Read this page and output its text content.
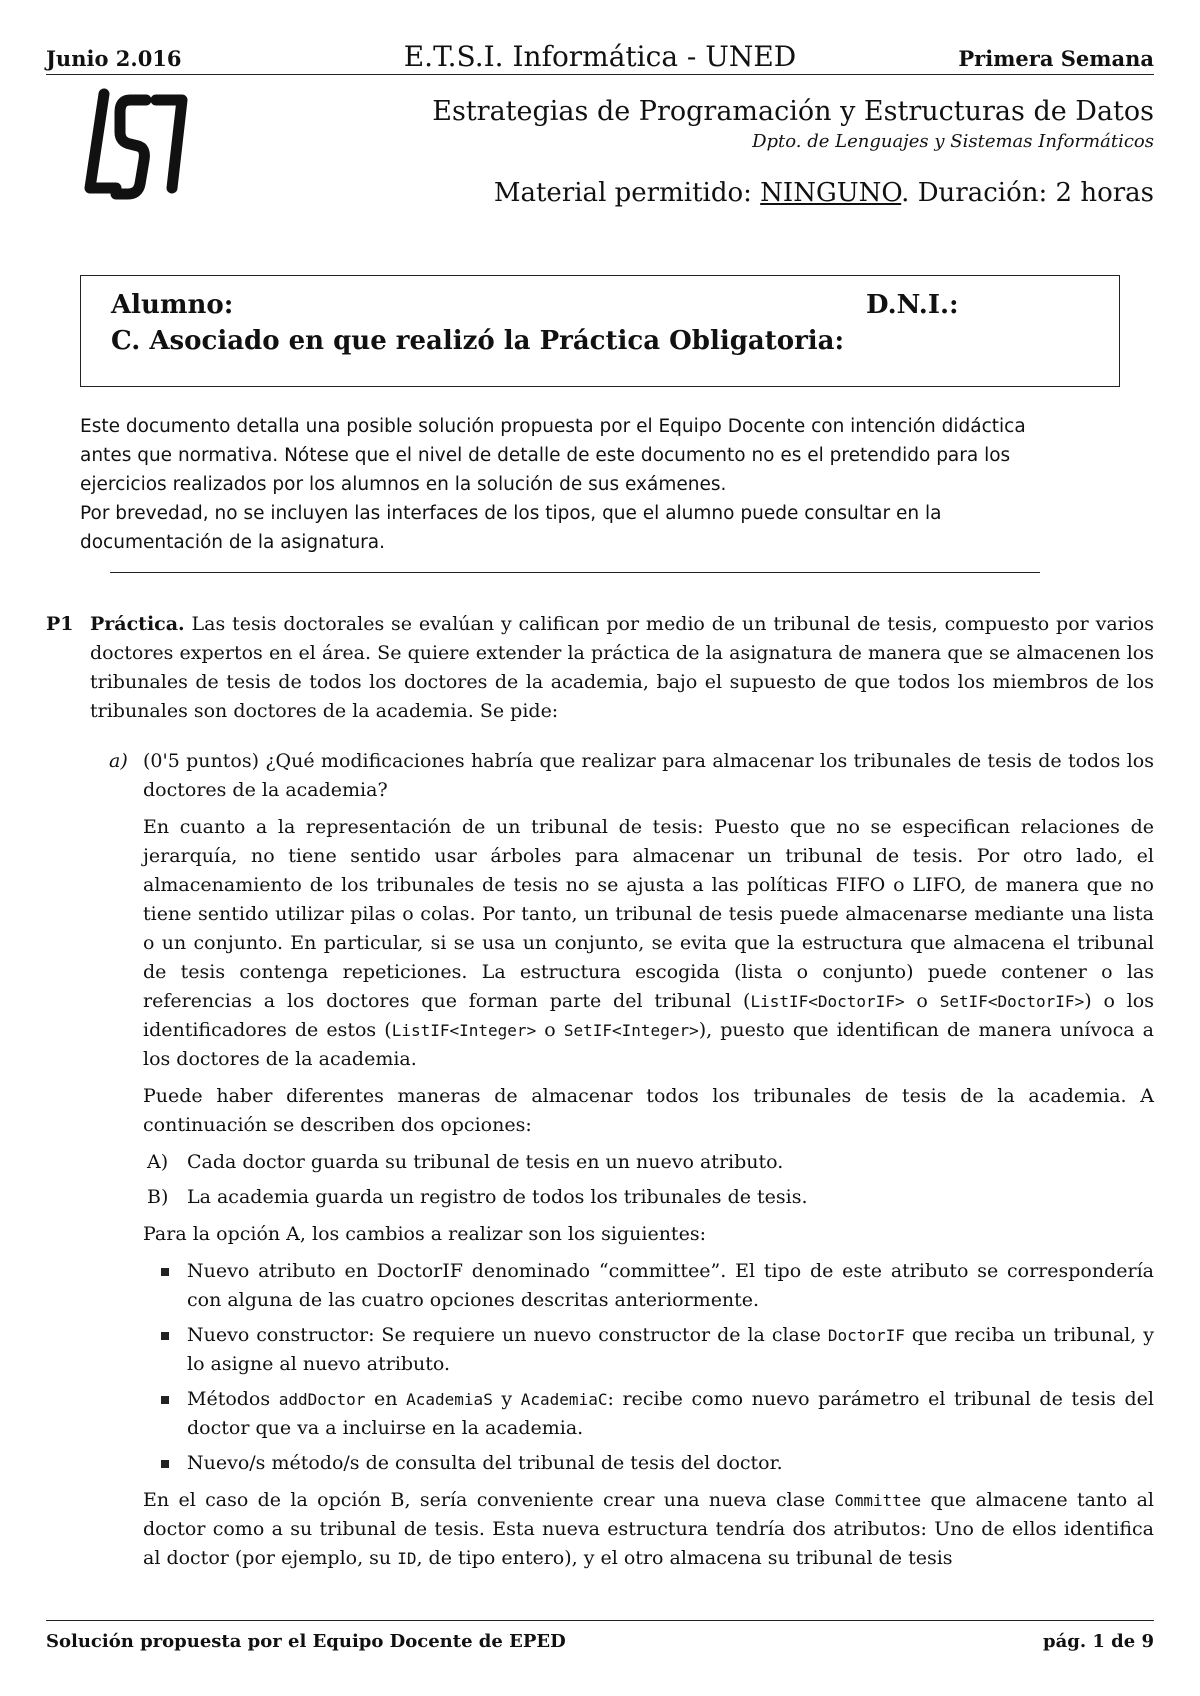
Junio 2.016	E.T.S.I. Informática - UNED	Primera Semana
Estrategias de Programación y Estructuras de Datos
Dpto. de Lenguajes y Sistemas Informáticos
Material permitido: NINGUNO. Duración: 2 horas
Alumno:	D.N.I.:
C. Asociado en que realizó la Práctica Obligatoria:

Este documento detalla una posible solución propuesta por el Equipo Docente con intención didáctica antes que normativa. Nótese que el nivel de detalle de este documento no es el pretendido para los ejercicios realizados por los alumnos en la solución de sus exámenes.

Por brevedad, no se incluyen las interfaces de los tipos, que el alumno puede consultar en la documentación de la asignatura.

P1 Práctica. Las tesis doctorales se evalúan y califican por medio de un tribunal de tesis, compuesto por varios doctores expertos en el área. Se quiere extender la práctica de la asignatura de manera que se almacenen los tribunales de tesis de todos los doctores de la academia, bajo el supuesto de que todos los miembros de los tribunales son doctores de la academia. Se pide:
a) (0'5 puntos) ¿Qué modificaciones habría que realizar para almacenar los tribunales de tesis de todos los doctores de la academia?

En cuanto a la representación de un tribunal de tesis: Puesto que no se especifican relaciones de jerarquía, no tiene sentido usar árboles para almacenar un tribunal de tesis. Por otro lado, el almacenamiento de los tribunales de tesis no se ajusta a las políticas FIFO o LIFO, de manera que no tiene sentido utilizar pilas o colas. Por tanto, un tribunal de tesis puede almacenarse mediante una lista o un conjunto. En particular, si se usa un conjunto, se evita que la estructura que almacena el tribunal de tesis contenga repeticiones. La estructura escogida (lista o conjunto) puede contener o las referencias a los doctores que forman parte del tribunal (ListIF<DoctorIF> o SetIF<DoctorIF>) o los identificadores de estos (ListIF<Integer> o SetIF<Integer>), puesto que identifican de manera unívoca a los doctores de la academia.

Puede haber diferentes maneras de almacenar todos los tribunales de tesis de la academia. A continuación se describen dos opciones:

A) Cada doctor guarda su tribunal de tesis en un nuevo atributo.
B) La academia guarda un registro de todos los tribunales de tesis.

Para la opción A, los cambios a realizar son los siguientes:

Nuevo atributo en DoctorIF denominado “committee”. El tipo de este atributo se correspondería con alguna de las cuatro opciones descritas anteriormente.
Nuevo constructor: Se requiere un nuevo constructor de la clase DoctorIF que reciba un tribunal, y lo asigne al nuevo atributo.
Métodos addDoctor en AcademiaS y AcademiaC: recibe como nuevo parámetro el tribunal de tesis del doctor que va a incluirse en la academia.
Nuevo/s método/s de consulta del tribunal de tesis del doctor.

En el caso de la opción B, sería conveniente crear una nueva clase Committee que almacene tanto al doctor como a su tribunal de tesis. Esta nueva estructura tendría dos atributos: Uno de ellos identifica al doctor (por ejemplo, su ID, de tipo entero), y el otro almacena su tribunal de tesis

Solución propuesta por el Equipo Docente de EPED	pág. 1 de 9
